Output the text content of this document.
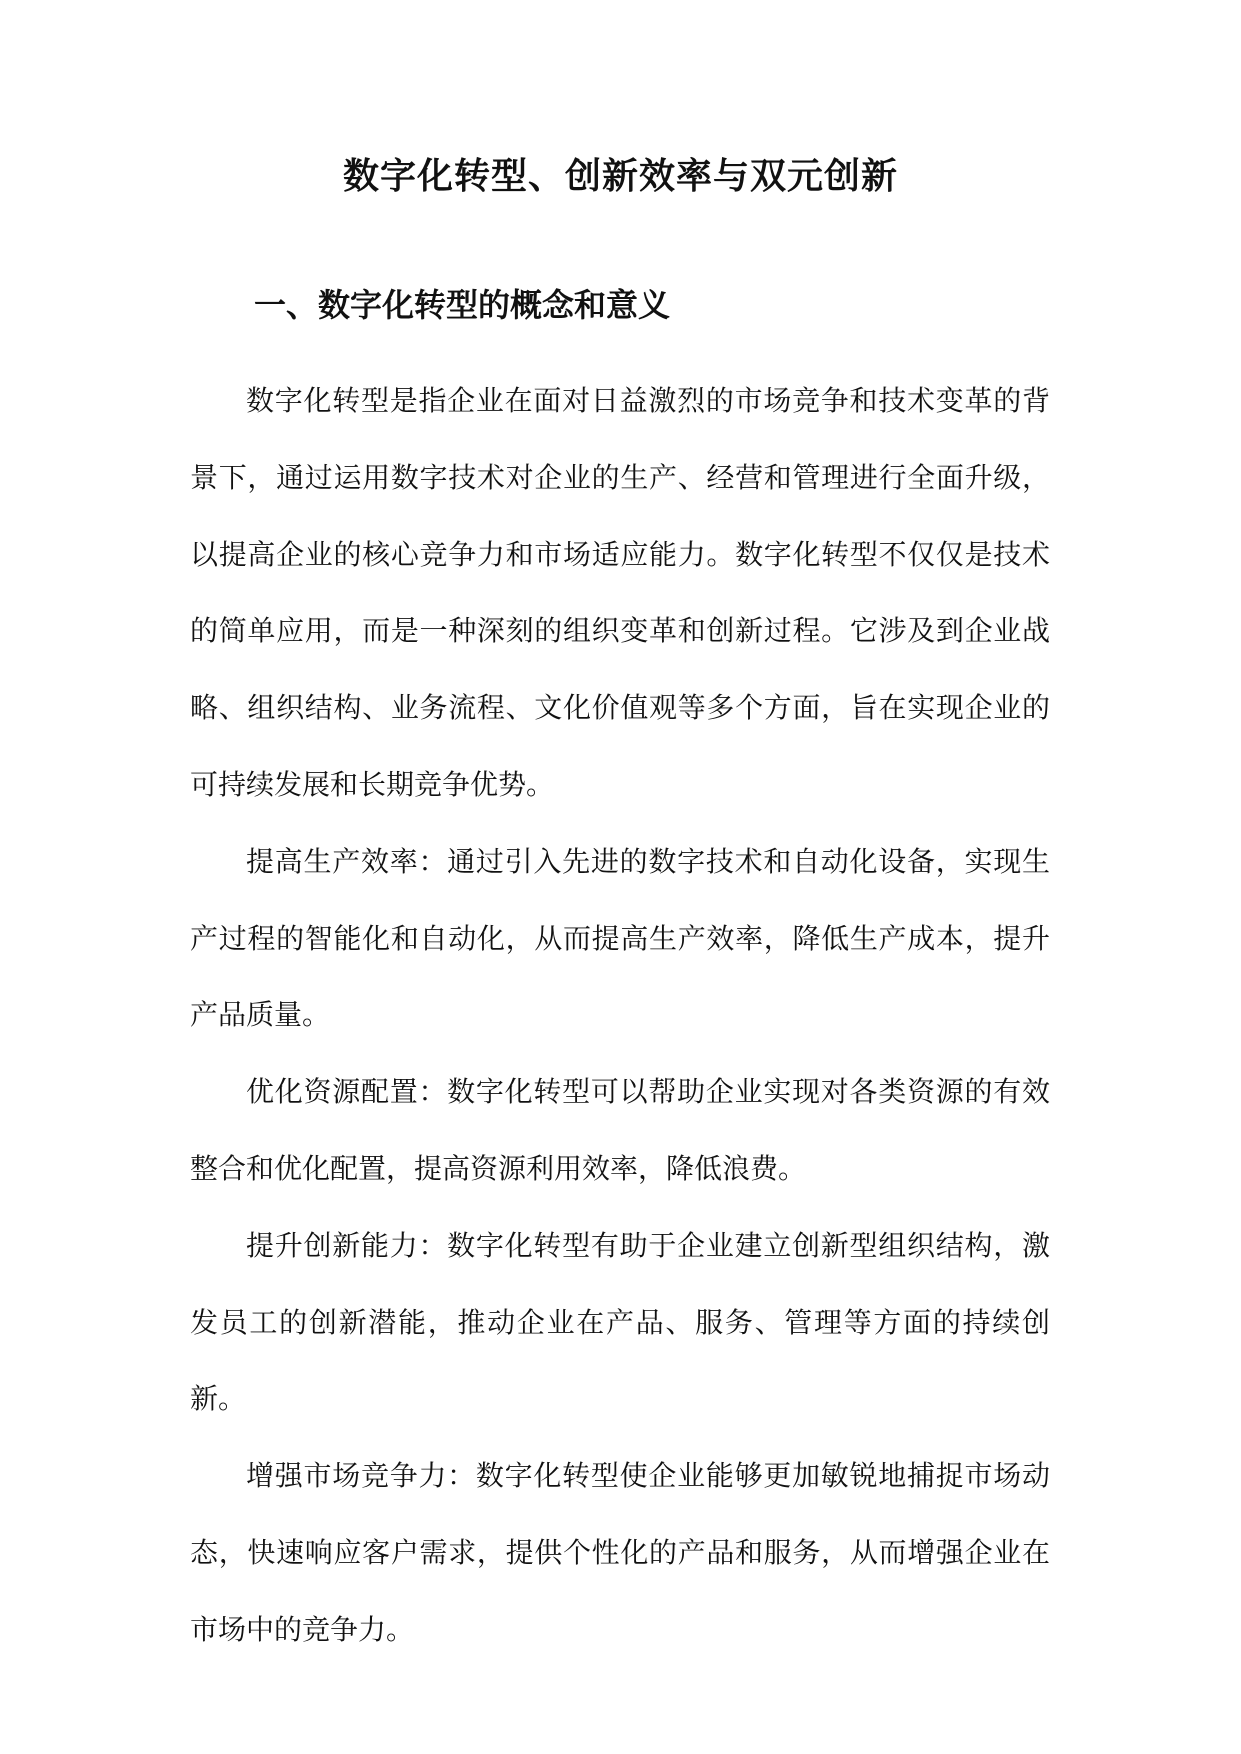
数字化转型、创新效率与双元创新
一、数字化转型的概念和意义

数字化转型是指企业在面对日益激烈的市场竞争和技术变革的背景下，通过运用数字技术对企业的生产、经营和管理进行全面升级，以提高企业的核心竞争力和市场适应能力。数字化转型不仅仅是技术的简单应用，而是一种深刻的组织变革和创新过程。它涉及到企业战略、组织结构、业务流程、文化价值观等多个方面，旨在实现企业的可持续发展和长期竞争优势。

提高生产效率：通过引入先进的数字技术和自动化设备，实现生产过程的智能化和自动化，从而提高生产效率，降低生产成本，提升产品质量。

优化资源配置：数字化转型可以帮助企业实现对各类资源的有效整合和优化配置，提高资源利用效率，降低浪费。

提升创新能力：数字化转型有助于企业建立创新型组织结构，激发员工的创新潜能，推动企业在产品、服务、管理等方面的持续创新。

增强市场竞争力：数字化转型使企业能够更加敏锐地捕捉市场动态，快速响应客户需求，提供个性化的产品和服务，从而增强企业在市场中的竞争力。
